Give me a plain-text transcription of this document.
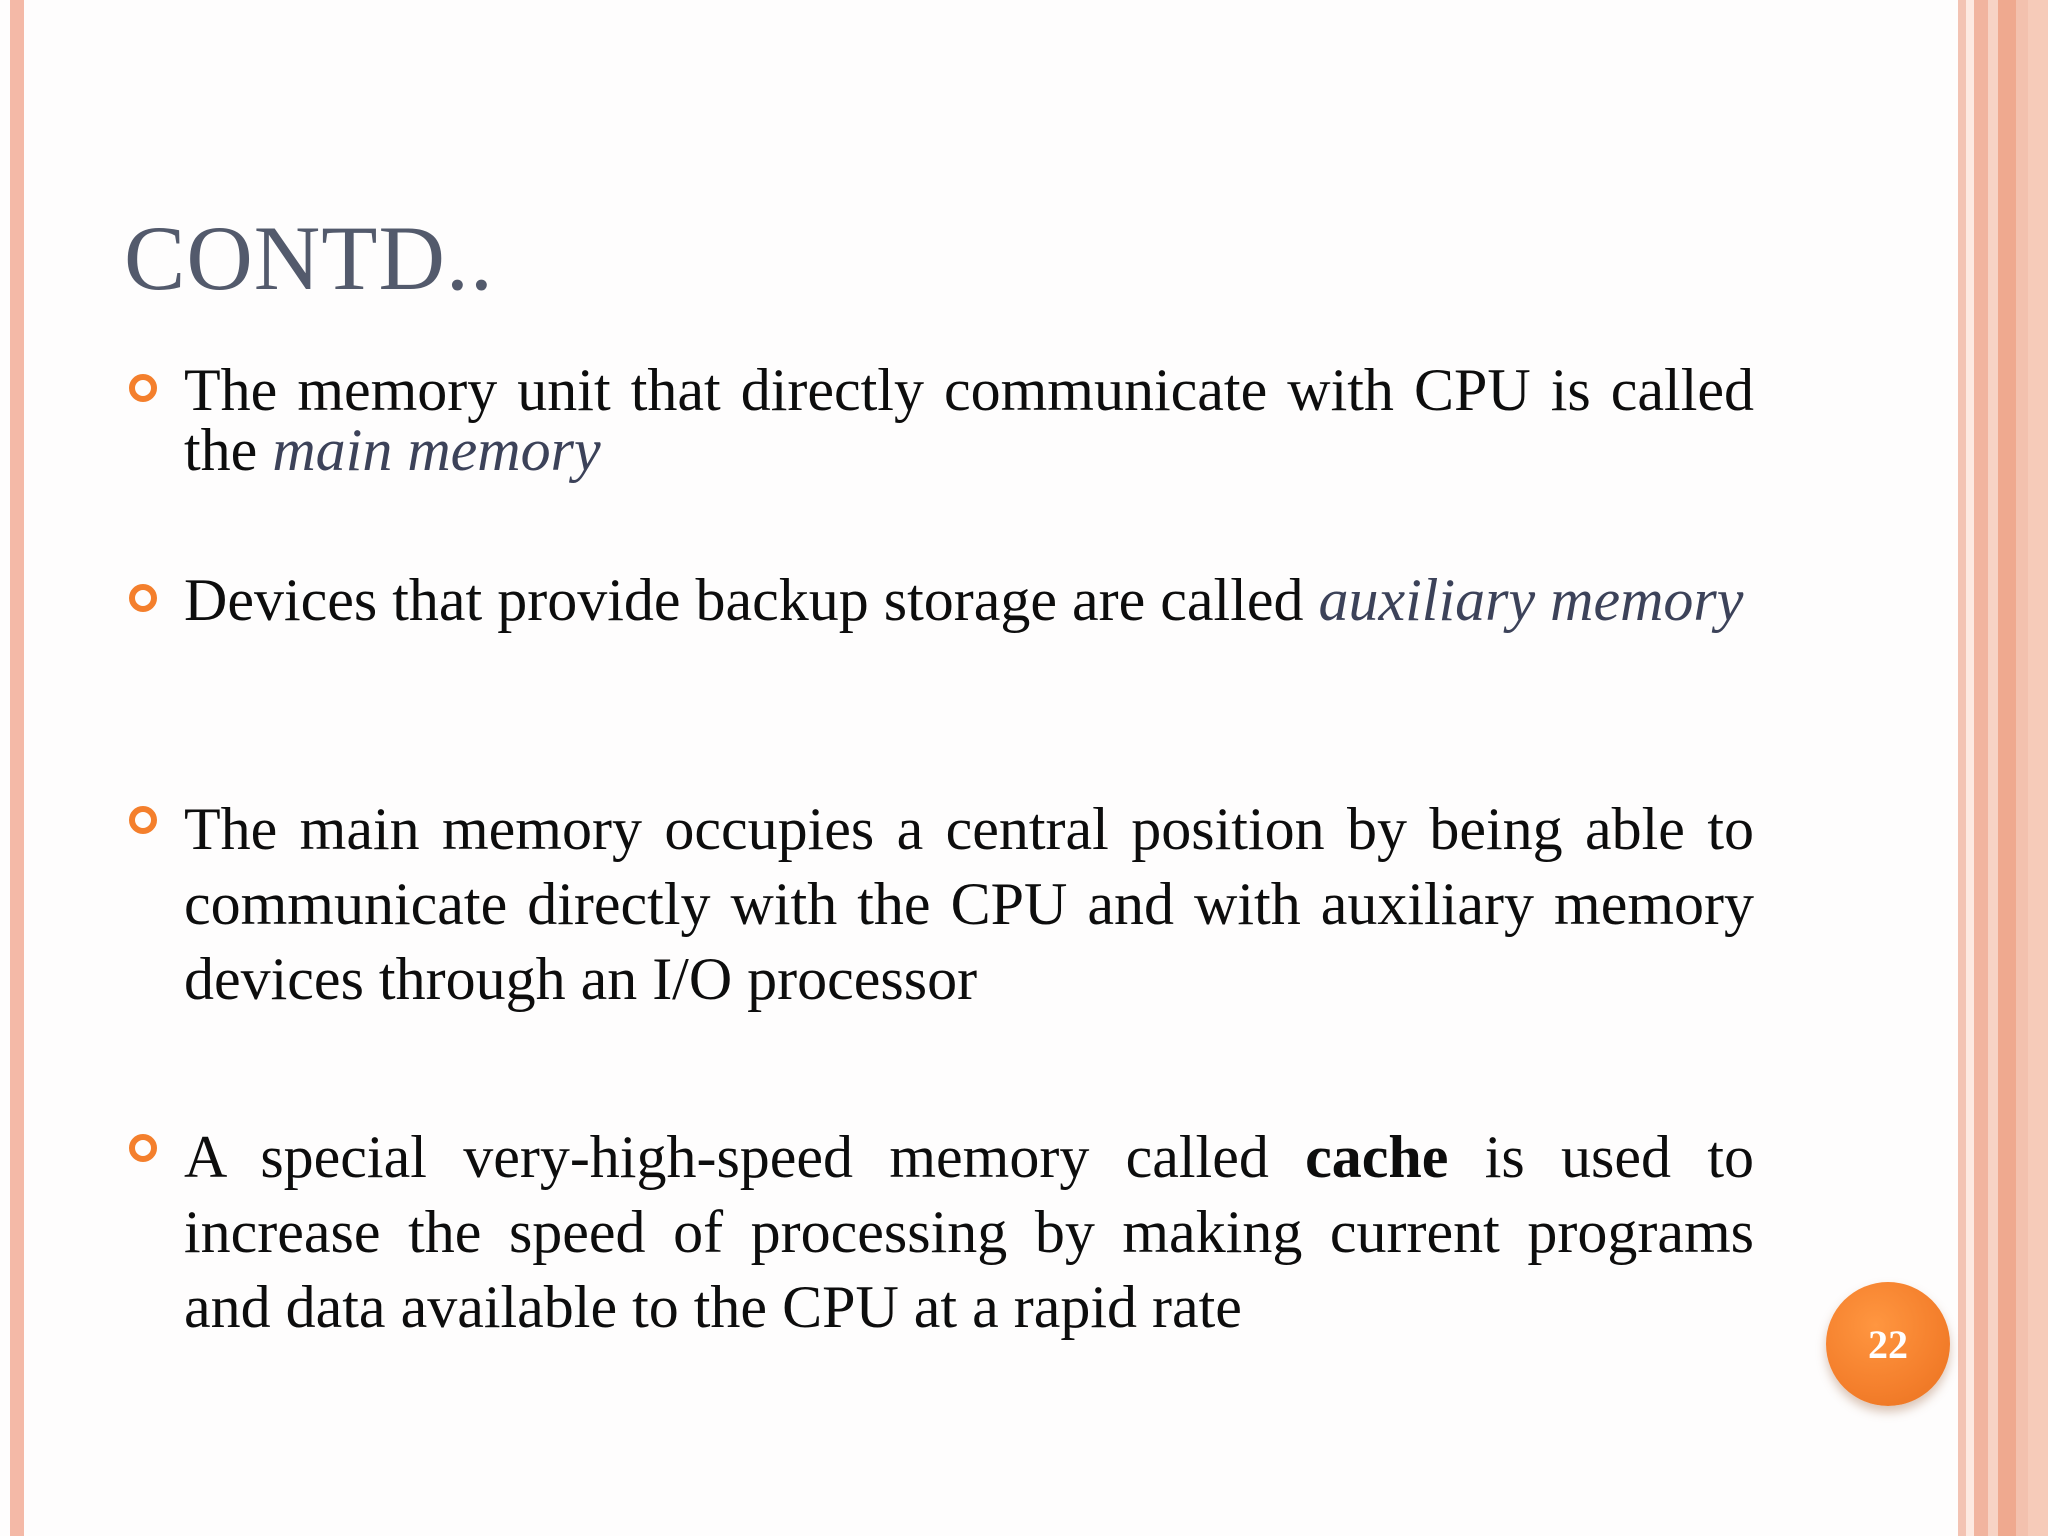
CONTD..

The memory unit that directly communicate with CPU is called the main memory

Devices that provide backup storage are called auxiliary memory

The main memory occupies a central position by being able to communicate directly with the CPU and with auxiliary memory devices through an I/O processor

A special very-high-speed memory called cache is used to increase the speed of processing by making current programs and data available to the CPU at a rapid rate

22
